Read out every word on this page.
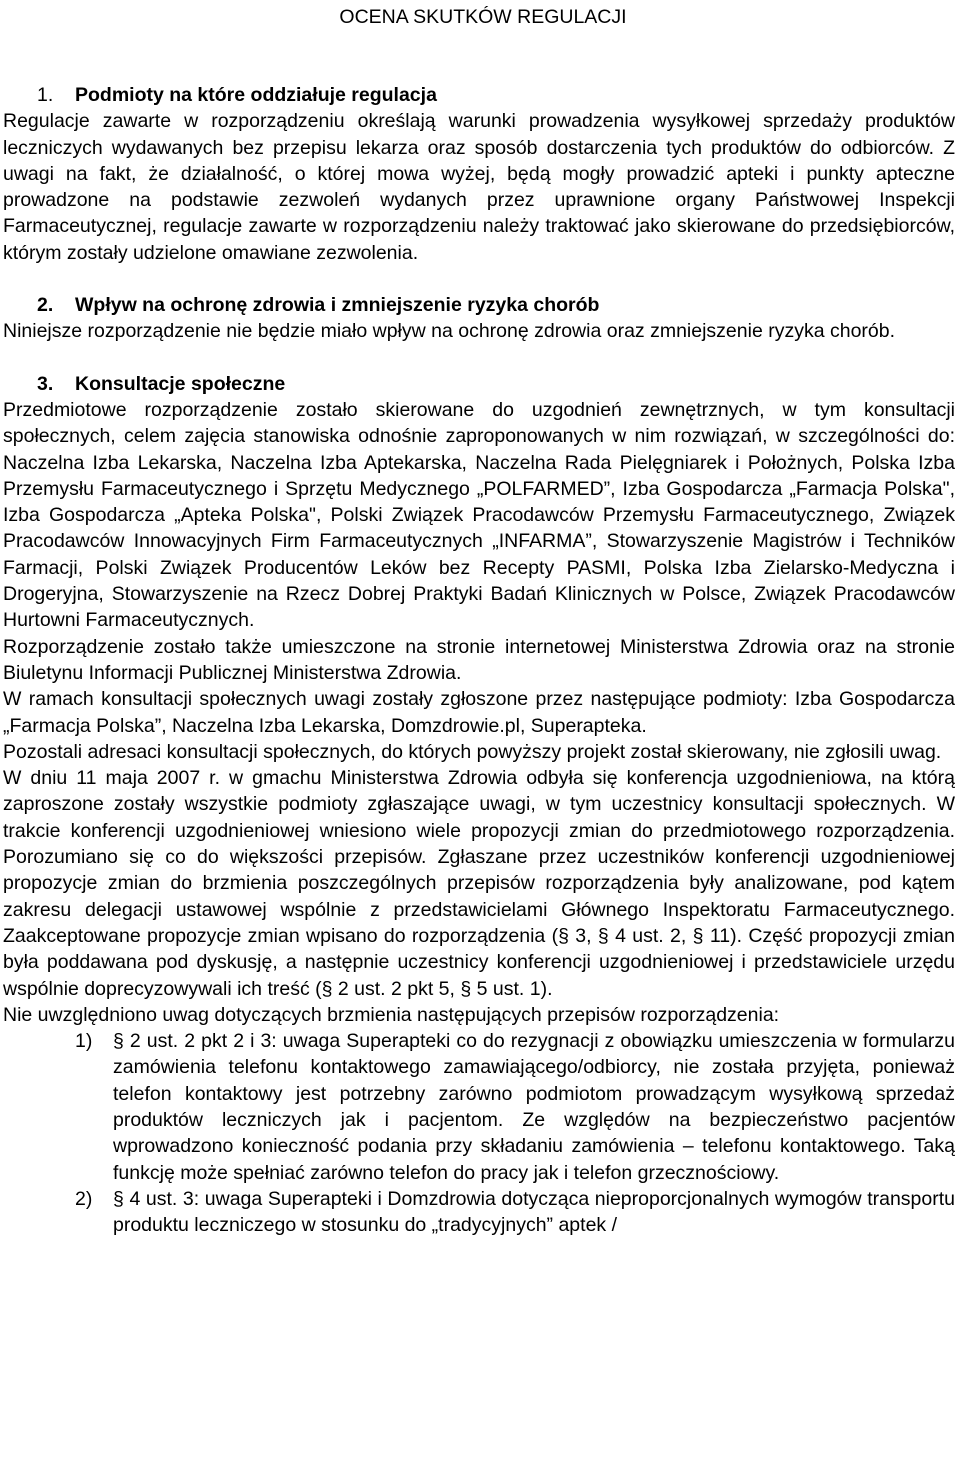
OCENA SKUTKÓW REGULACJI
1. Podmioty na które oddziałuje regulacja

Regulacje zawarte w rozporządzeniu określają warunki prowadzenia wysyłkowej sprzedaży produktów leczniczych wydawanych bez przepisu lekarza oraz sposób dostarczenia tych produktów do odbiorców. Z uwagi na fakt, że działalność, o której mowa wyżej, będą mogły prowadzić apteki i punkty apteczne prowadzone na podstawie zezwoleń wydanych przez uprawnione organy Państwowej Inspekcji Farmaceutycznej, regulacje zawarte w rozporządzeniu należy traktować jako skierowane do przedsiębiorców, którym zostały udzielone omawiane zezwolenia.

2. Wpływ na ochronę zdrowia i zmniejszenie ryzyka chorób

Niniejsze rozporządzenie nie będzie miało wpływ na ochronę zdrowia oraz zmniejszenie ryzyka chorób.

3. Konsultacje społeczne

Przedmiotowe rozporządzenie zostało skierowane do uzgodnień zewnętrznych, w tym konsultacji społecznych, celem zajęcia stanowiska odnośnie zaproponowanych w nim rozwiązań, w szczególności do: Naczelna Izba Lekarska, Naczelna Izba Aptekarska, Naczelna Rada Pielęgniarek i Położnych, Polska Izba Przemysłu Farmaceutycznego i Sprzętu Medycznego „POLFARMED”, Izba Gospodarcza „Farmacja Polska", Izba Gospodarcza „Apteka Polska", Polski Związek Pracodawców Przemysłu Farmaceutycznego, Związek Pracodawców Innowacyjnych Firm Farmaceutycznych „INFARMA”, Stowarzyszenie Magistrów i Techników Farmacji, Polski Związek Producentów Leków bez Recepty PASMI, Polska Izba Zielarsko-Medyczna i Drogeryjna, Stowarzyszenie na Rzecz Dobrej Praktyki Badań Klinicznych w Polsce, Związek Pracodawców Hurtowni Farmaceutycznych.

Rozporządzenie zostało także umieszczone na stronie internetowej Ministerstwa Zdrowia oraz na stronie Biuletynu Informacji Publicznej Ministerstwa Zdrowia.

W ramach konsultacji społecznych uwagi zostały zgłoszone przez następujące podmioty: Izba Gospodarcza „Farmacja Polska”, Naczelna Izba Lekarska, Domzdrowie.pl, Superapteka.

Pozostali adresaci konsultacji społecznych, do których powyższy projekt został skierowany, nie zgłosili uwag.

W dniu 11 maja 2007 r. w gmachu Ministerstwa Zdrowia odbyła się konferencja uzgodnieniowa, na którą zaproszone zostały wszystkie podmioty zgłaszające uwagi, w tym uczestnicy konsultacji społecznych. W trakcie konferencji uzgodnieniowej wniesiono wiele propozycji zmian do przedmiotowego rozporządzenia. Porozumiano się co do większości przepisów. Zgłaszane przez uczestników konferencji uzgodnieniowej propozycje zmian do brzmienia poszczególnych przepisów rozporządzenia były analizowane, pod kątem zakresu delegacji ustawowej wspólnie z przedstawicielami Głównego Inspektoratu Farmaceutycznego. Zaakceptowane propozycje zmian wpisano do rozporządzenia (§ 3, § 4 ust. 2, § 11). Część propozycji zmian była poddawana pod dyskusję, a następnie uczestnicy konferencji uzgodnieniowej i przedstawiciele urzędu wspólnie doprecyzowywali ich treść (§ 2 ust. 2 pkt 5, § 5 ust. 1).

Nie uwzględniono uwag dotyczących brzmienia następujących przepisów rozporządzenia:

1) § 2 ust. 2 pkt 2 i 3: uwaga Superapteki co do rezygnacji z obowiązku umieszczenia w formularzu zamówienia telefonu kontaktowego zamawiającego/odbiorcy, nie została przyjęta, ponieważ telefon kontaktowy jest potrzebny zarówno podmiotom prowadzącym wysyłkową sprzedaż produktów leczniczych jak i pacjentom. Ze względów na bezpieczeństwo pacjentów wprowadzono konieczność podania przy składaniu zamówienia – telefonu kontaktowego. Taką funkcję może spełniać zarówno telefon do pracy jak i telefon grzecznościowy.
2) § 4 ust. 3: uwaga Superapteki i Domzdrowia dotycząca nieproporcjonalnych wymogów transportu produktu leczniczego w stosunku do „tradycyjnych” aptek /
